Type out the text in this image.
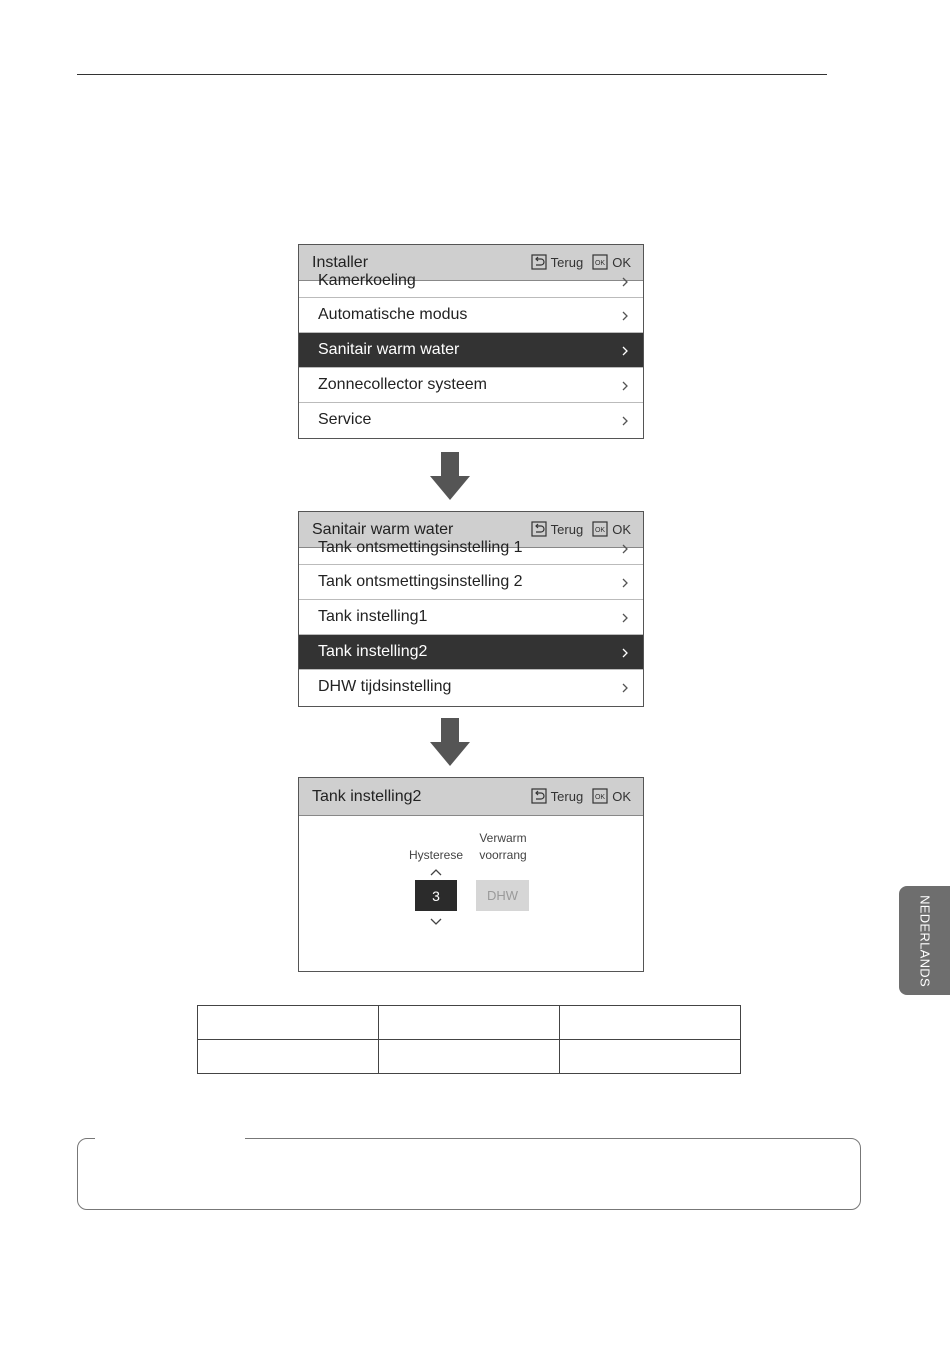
Installer	Terug OK OK
Kamerkoeling
Automatische modus
Sanitair warm water
Zonnecollector systeem
Service
Sanitair warm water	Terug OK OK
Tank ontsmettingsinstelling 1
Tank ontsmettingsinstelling 2
Tank instelling1
Tank instelling2
DHW tijdsinstelling
Tank instelling2	Terug OK OK
Hysterese
3
Verwarm
voorrang
DHW

			NEDERLANDS
